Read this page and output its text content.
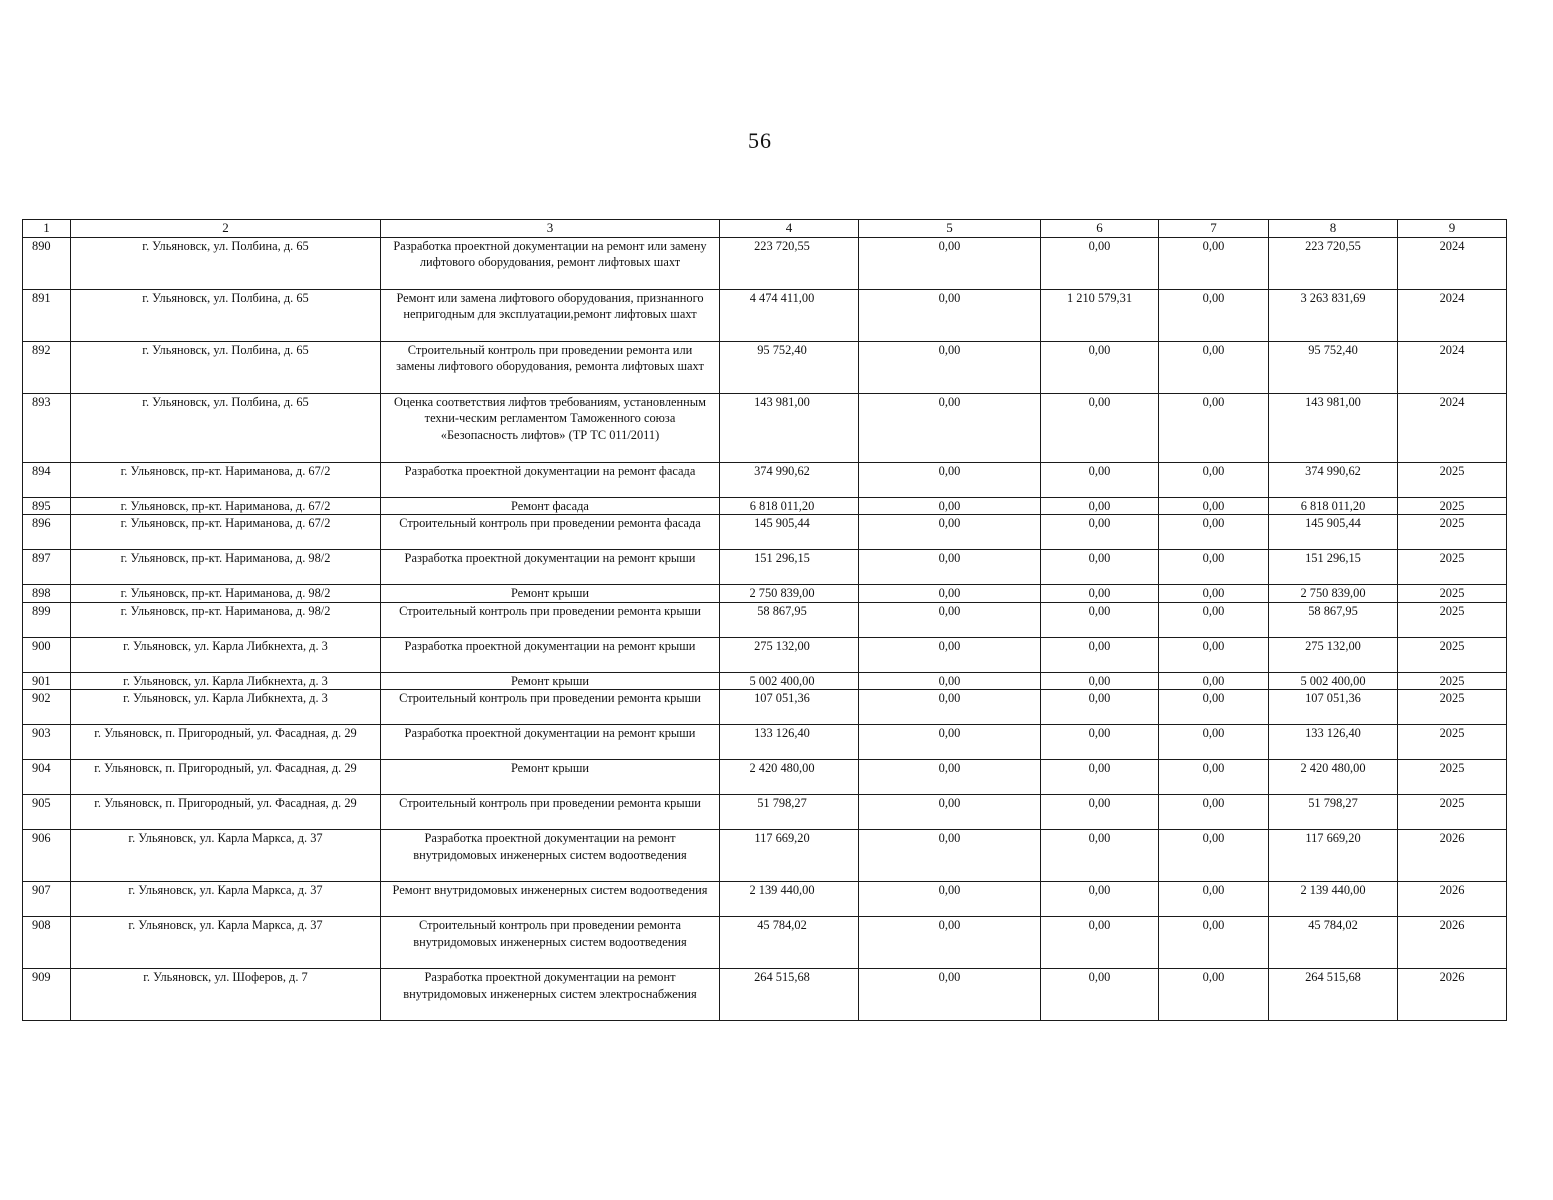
56
1	2	3	4	5	6	7	8	9
890	г. Ульяновск, ул. Полбина, д. 65	Разработка проектной документации на ремонт или замену лифтового оборудования, ремонт лифтовых шахт	223 720,55	0,00	0,00	0,00	223 720,55	2024
891	г. Ульяновск, ул. Полбина, д. 65	Ремонт или замена лифтового оборудования, признанного непригодным для эксплуатации,ремонт лифтовых шахт	4 474 411,00	0,00	1 210 579,31	0,00	3 263 831,69	2024
892	г. Ульяновск, ул. Полбина, д. 65	Строительный контроль при проведении ремонта или замены лифтового оборудования, ремонта лифтовых шахт	95 752,40	0,00	0,00	0,00	95 752,40	2024
893	г. Ульяновск, ул. Полбина, д. 65	Оценка соответствия лифтов требованиям, установленным техни-ческим регламентом Таможенного союза «Безопасность лифтов» (ТР ТС 011/2011)	143 981,00	0,00	0,00	0,00	143 981,00	2024
894	г. Ульяновск, пр-кт. Нариманова, д. 67/2	Разработка проектной документации на ремонт фасада	374 990,62	0,00	0,00	0,00	374 990,62	2025
895	г. Ульяновск, пр-кт. Нариманова, д. 67/2	Ремонт фасада	6 818 011,20	0,00	0,00	0,00	6 818 011,20	2025
896	г. Ульяновск, пр-кт. Нариманова, д. 67/2	Строительный контроль при проведении ремонта фасада	145 905,44	0,00	0,00	0,00	145 905,44	2025
897	г. Ульяновск, пр-кт. Нариманова, д. 98/2	Разработка проектной документации на ремонт крыши	151 296,15	0,00	0,00	0,00	151 296,15	2025
898	г. Ульяновск, пр-кт. Нариманова, д. 98/2	Ремонт крыши	2 750 839,00	0,00	0,00	0,00	2 750 839,00	2025
899	г. Ульяновск, пр-кт. Нариманова, д. 98/2	Строительный контроль при проведении ремонта крыши	58 867,95	0,00	0,00	0,00	58 867,95	2025
900	г. Ульяновск, ул. Карла Либкнехта, д. 3	Разработка проектной документации на ремонт крыши	275 132,00	0,00	0,00	0,00	275 132,00	2025
901	г. Ульяновск, ул. Карла Либкнехта, д. 3	Ремонт крыши	5 002 400,00	0,00	0,00	0,00	5 002 400,00	2025
902	г. Ульяновск, ул. Карла Либкнехта, д. 3	Строительный контроль при проведении ремонта крыши	107 051,36	0,00	0,00	0,00	107 051,36	2025
903	г. Ульяновск, п. Пригородный, ул. Фасадная, д. 29	Разработка проектной документации на ремонт крыши	133 126,40	0,00	0,00	0,00	133 126,40	2025
904	г. Ульяновск, п. Пригородный, ул. Фасадная, д. 29	Ремонт крыши	2 420 480,00	0,00	0,00	0,00	2 420 480,00	2025
905	г. Ульяновск, п. Пригородный, ул. Фасадная, д. 29	Строительный контроль при проведении ремонта крыши	51 798,27	0,00	0,00	0,00	51 798,27	2025
906	г. Ульяновск, ул. Карла Маркса, д. 37	Разработка проектной документации на ремонт внутридомовых инженерных систем водоотведения	117 669,20	0,00	0,00	0,00	117 669,20	2026
907	г. Ульяновск, ул. Карла Маркса, д. 37	Ремонт внутридомовых инженерных систем водоотведения	2 139 440,00	0,00	0,00	0,00	2 139 440,00	2026
908	г. Ульяновск, ул. Карла Маркса, д. 37	Строительный контроль при проведении ремонта внутридомовых инженерных систем водоотведения	45 784,02	0,00	0,00	0,00	45 784,02	2026
909	г. Ульяновск, ул. Шоферов, д. 7	Разработка проектной документации на ремонт внутридомовых инженерных систем электроснабжения	264 515,68	0,00	0,00	0,00	264 515,68	2026
